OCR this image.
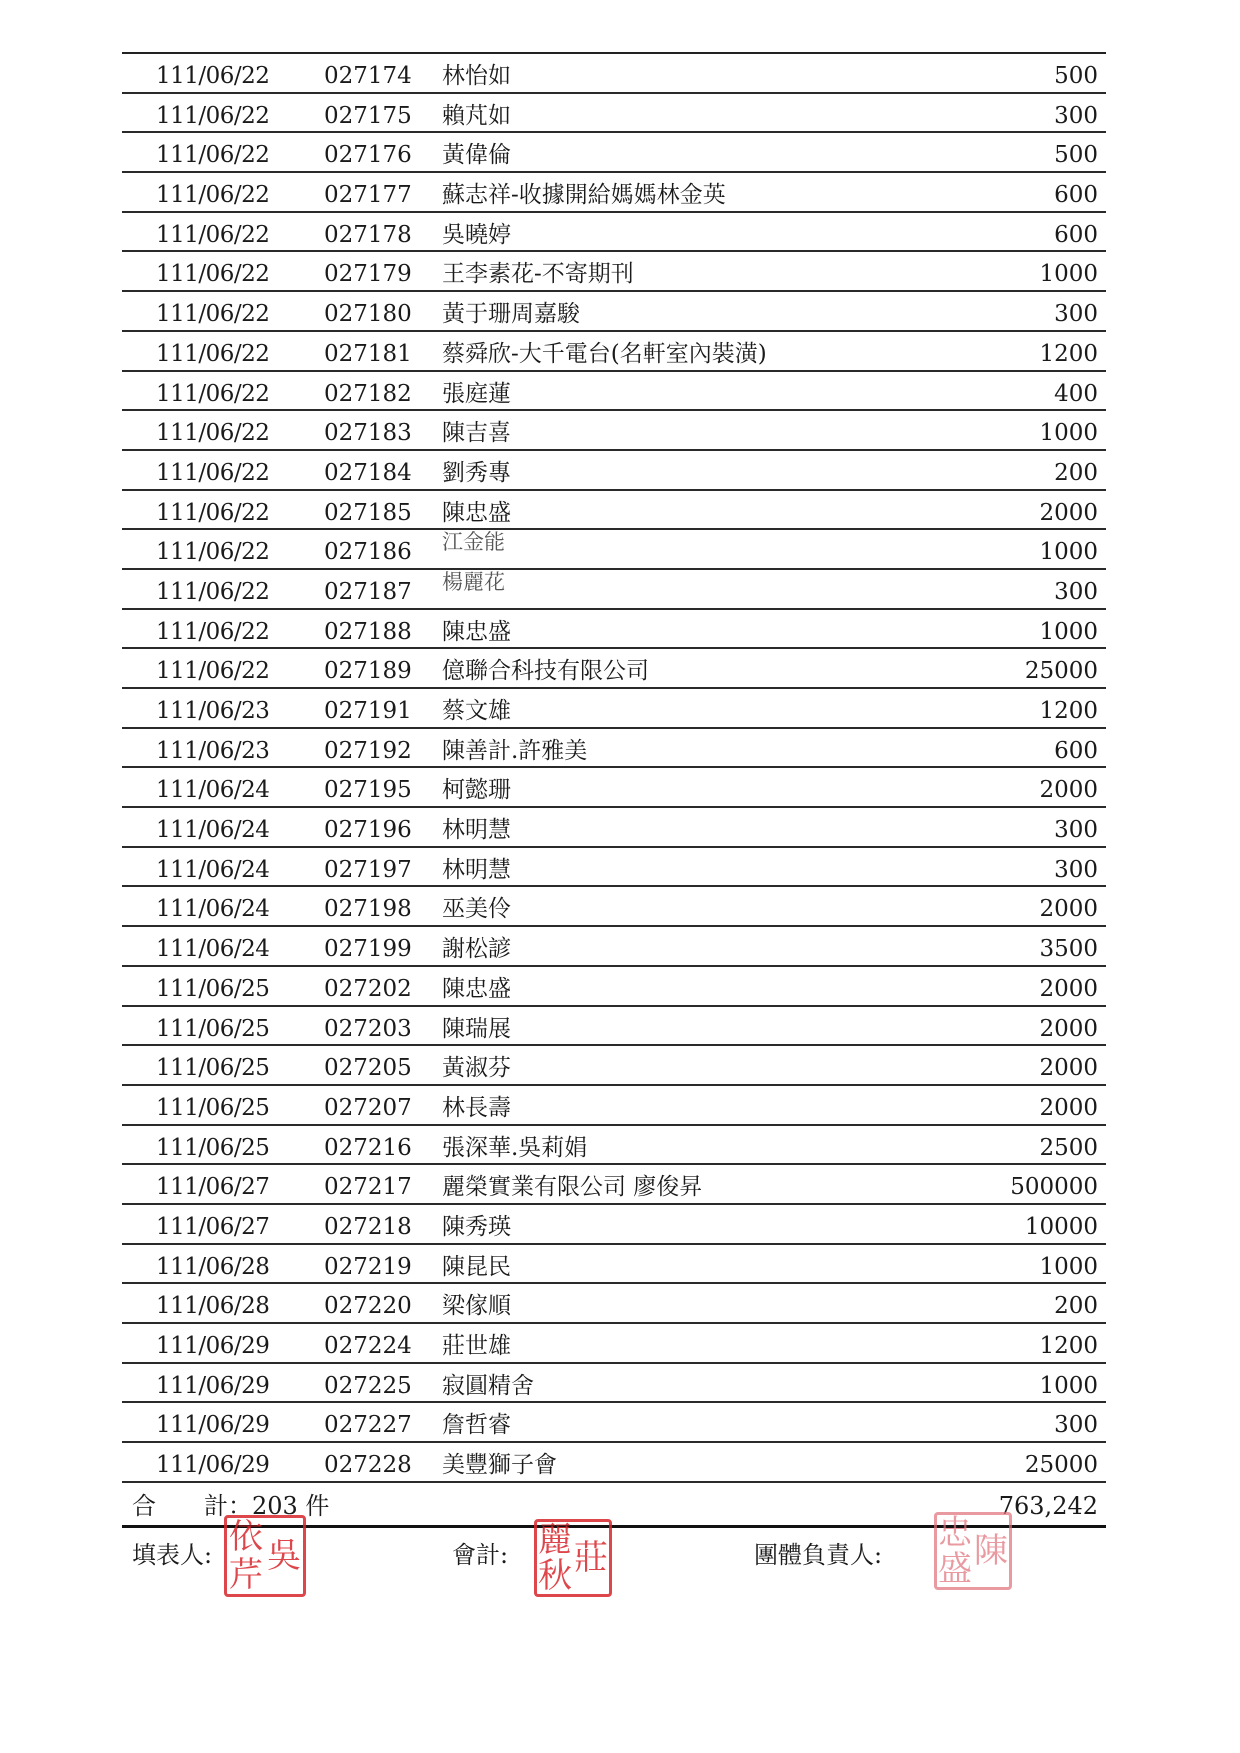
111/06/22 027174 林怡如	500
111/06/22 027175 賴芃如	300
111/06/22 027176 黃偉倫	500
111/06/22 027177 蘇志祥-收據開給媽媽林金英	600
111/06/22 027178 吳曉婷	600
111/06/22 027179 王李素花-不寄期刊	1000
111/06/22 027180 黃于珊周嘉駿	300
111/06/22 027181 蔡舜欣-大千電台(名軒室內裝潢)	1200
111/06/22 027182 張庭蓮	400
111/06/22 027183 陳吉喜	1000
111/06/22 027184 劉秀專	200
111/06/22 027185 陳忠盛	2000
111/06/22 027186 江金能	1000
111/06/22 027187 楊麗花	300
111/06/22 027188 陳忠盛	1000
111/06/22 027189 億聯合科技有限公司	25000
111/06/23 027191 蔡文雄	1200
111/06/23 027192 陳善計.許雅美	600
111/06/24 027195 柯懿珊	2000
111/06/24 027196 林明慧	300
111/06/24 027197 林明慧	300
111/06/24 027198 巫美伶	2000
111/06/24 027199 謝松諺	3500
111/06/25 027202 陳忠盛	2000
111/06/25 027203 陳瑞展	2000
111/06/25 027205 黃淑芬	2000
111/06/25 027207 林長壽	2000
111/06/25 027216 張深華.吳莉娟	2500
111/06/27 027217 麗榮實業有限公司 廖俊昇	500000
111/06/27 027218 陳秀瑛	10000
111/06/28 027219 陳昆民	1000
111/06/28 027220 梁傢順	200
111/06/29 027224 莊世雄	1200
111/06/29 027225 寂圓精舍	1000
111/06/29 027227 詹哲睿	300
111/06/29 027228 美豐獅子會	25000
合 計：203 件	763,242
填表人: 吳
依
芹	會計: 莊
麗
秋
團體負責人:	陳
忠
盛
